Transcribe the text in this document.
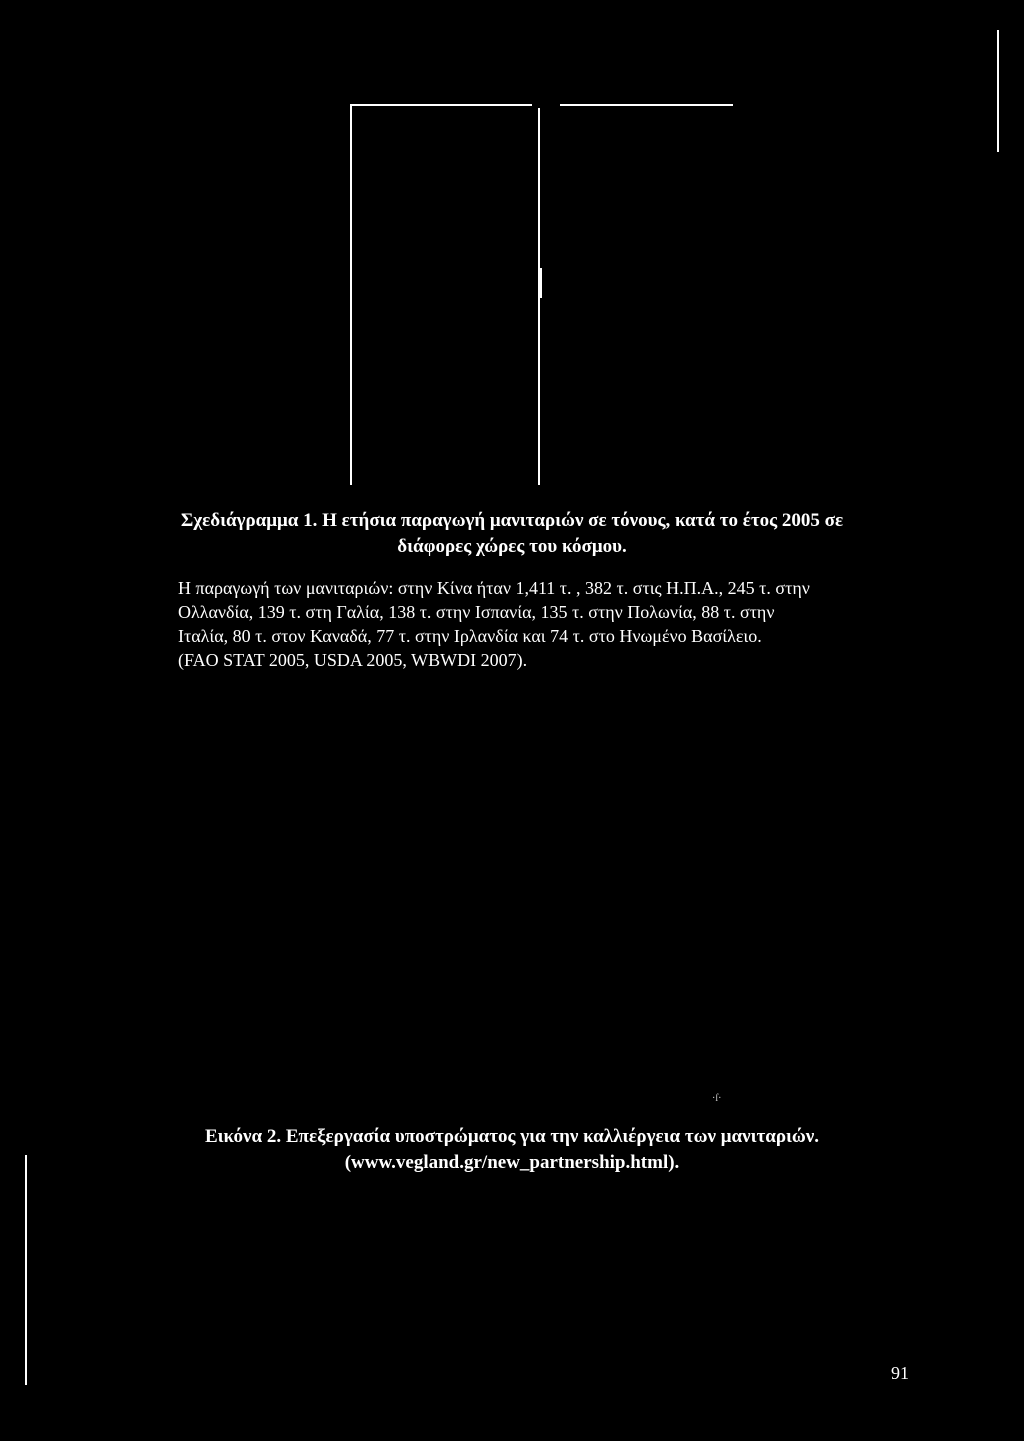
Σχεδιάγραμμα 1. Η ετήσια παραγωγή μανιταριών σε τόνους, κατά το έτος 2005 σε
διάφορες χώρες του κόσμου.

Η παραγωγή των μανιταριών: στην Κίνα ήταν 1,411 τ. , 382 τ. στις Η.Π.Α., 245 τ. στην
Ολλανδία, 139 τ. στη Γαλία, 138 τ. στην Ισπανία, 135 τ. στην Πολωνία, 88 τ. στην
Ιταλία, 80 τ. στον Καναδά, 77 τ. στην Ιρλανδία και 74 τ. στο Ηνωμένο Βασίλειο.
(FAO STAT 2005, USDA 2005, WBWDI 2007).

·ſ·

Εικόνα 2. Επεξεργασία υποστρώματος για την καλλιέργεια των μανιταριών.
(www.vegland.gr/new_partnership.html).

91
